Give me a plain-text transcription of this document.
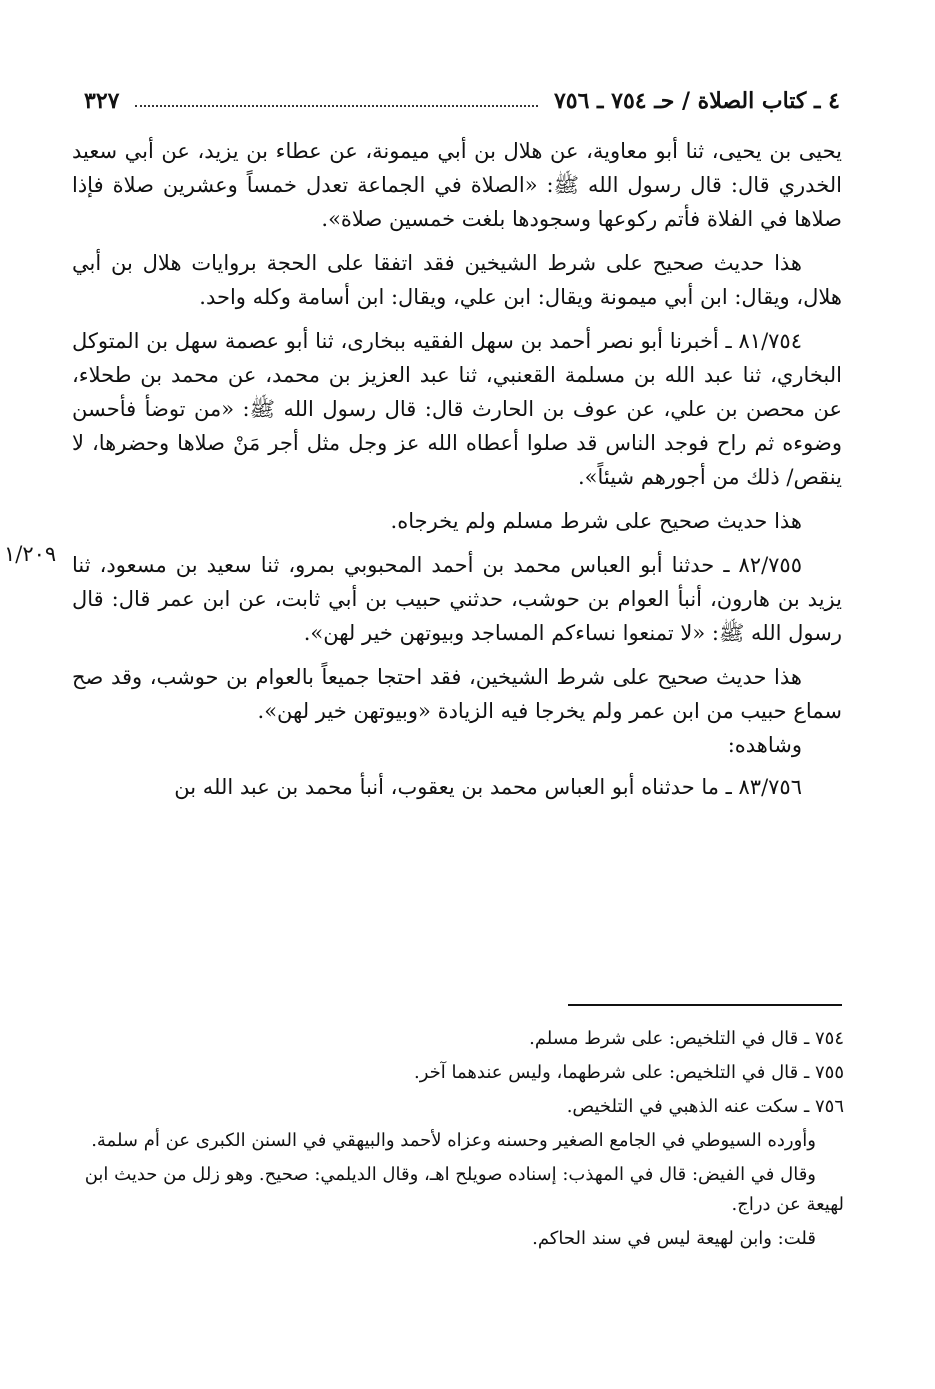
٤ ـ كتاب الصلاة / حـ ٧٥٤ ـ ٧٥٦
٣٢٧
١/٢٠٩

يحيى بن يحيى، ثنا أبو معاوية، عن هلال بن أبي ميمونة، عن عطاء بن يزيد، عن أبي سعيد الخدري قال: قال رسول الله ﷺ: «الصلاة في الجماعة تعدل خمساً وعشرين صلاة فإذا صلاها في الفلاة فأتم ركوعها وسجودها بلغت خمسين صلاة».

هذا حديث صحيح على شرط الشيخين فقد اتفقا على الحجة بروايات هلال بن أبي هلال، ويقال: ابن أبي ميمونة ويقال: ابن علي، ويقال: ابن أسامة وكله واحد.

٨١/٧٥٤ ـ أخبرنا أبو نصر أحمد بن سهل الفقيه ببخارى، ثنا أبو عصمة سهل بن المتوكل البخاري، ثنا عبد الله بن مسلمة القعنبي، ثنا عبد العزيز بن محمد، عن محمد بن طحلاء، عن محصن بن علي، عن عوف بن الحارث قال: قال رسول الله ﷺ: «من توضأ فأحسن وضوءه ثم راح فوجد الناس قد صلوا أعطاه الله عز وجل مثل أجر مَنْ صلاها وحضرها، لا ينقص/ ذلك من أجورهم شيئاً».

هذا حديث صحيح على شرط مسلم ولم يخرجاه.

٨٢/٧٥٥ ـ حدثنا أبو العباس محمد بن أحمد المحبوبي بمرو، ثنا سعيد بن مسعود، ثنا يزيد بن هارون، أنبأ العوام بن حوشب، حدثني حبيب بن أبي ثابت، عن ابن عمر قال: قال رسول الله ﷺ: «لا تمنعوا نساءكم المساجد وبيوتهن خير لهن».

هذا حديث صحيح على شرط الشيخين، فقد احتجا جميعاً بالعوام بن حوشب، وقد صح سماع حبيب من ابن عمر ولم يخرجا فيه الزيادة «وبيوتهن خير لهن».

وشاهده:

٨٣/٧٥٦ ـ ما حدثناه أبو العباس محمد بن يعقوب، أنبأ محمد بن عبد الله بن

٧٥٤ ـ قال في التلخيص: على شرط مسلم.

٧٥٥ ـ قال في التلخيص: على شرطهما، وليس عندهما آخر.

٧٥٦ ـ سكت عنه الذهبي في التلخيص.

وأورده السيوطي في الجامع الصغير وحسنه وعزاه لأحمد والبيهقي في السنن الكبرى عن أم سلمة.

وقال في الفيض: قال في المهذب: إسناده صويلح اهـ، وقال الديلمي: صحيح. وهو زلل من حديث ابن لهيعة عن دراج.

قلت: وابن لهيعة ليس في سند الحاكم.
